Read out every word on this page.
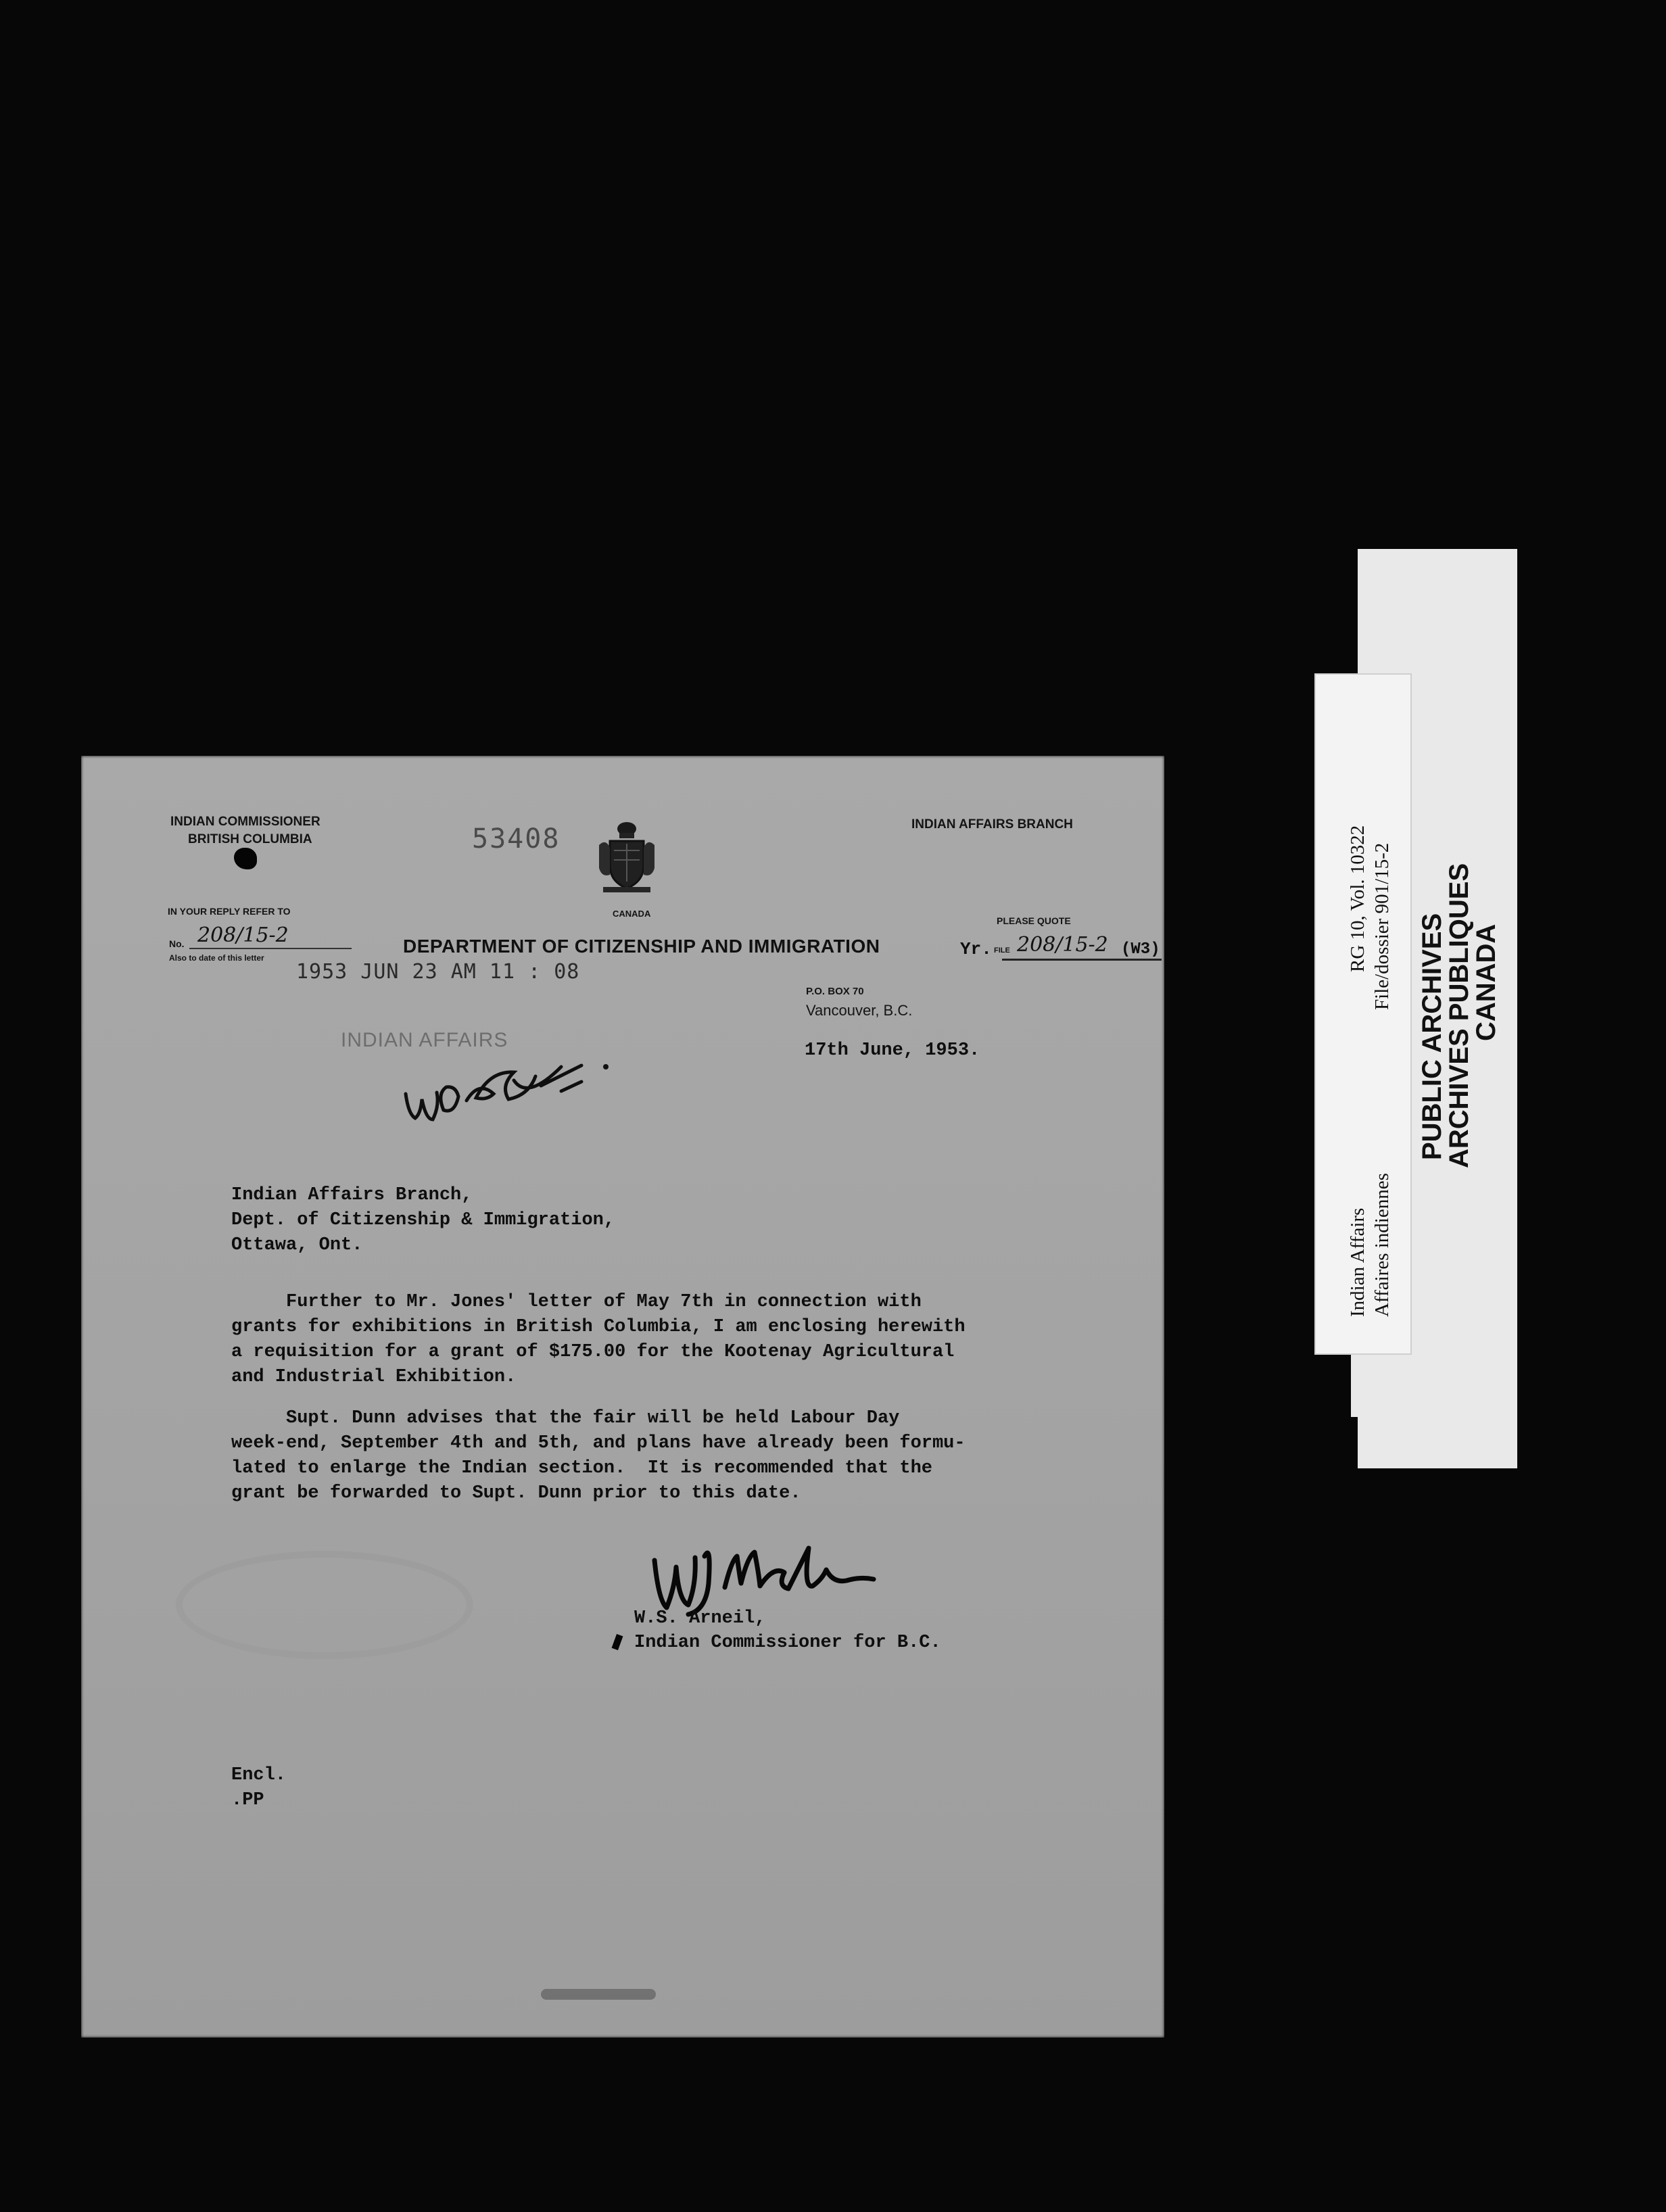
INDIAN COMMISSIONER
BRITISH COLUMBIA
IN YOUR REPLY REFER TO
No. 208/15-2
Also to date of this letter
53408
CANADA
INDIAN AFFAIRS BRANCH
DEPARTMENT OF CITIZENSHIP AND IMMIGRATION
PLEASE QUOTE
Yr. FILE 208/15-2 (W3)
1953 JUN 23 AM 11 : 08
P.O. BOX 70
Vancouver, B.C.
INDIAN AFFAIRS	17th June, 1953.
Indian Affairs Branch,
Dept. of Citizenship & Immigration,
Ottawa, Ont.
Further to Mr. Jones' letter of May 7th in connection with
grants for exhibitions in British Columbia, I am enclosing herewith
a requisition for a grant of $175.00 for the Kootenay Agricultural
and Industrial Exhibition.
Supt. Dunn advises that the fair will be held Labour Day
week-end, September 4th and 5th, and plans have already been formu-
lated to enlarge the Indian section.  It is recommended that the
grant be forwarded to Supt. Dunn prior to this date.
W.S. Arneil,
Indian Commissioner for B.C.
Encl.
.PP
RG 10, Vol. 10322 File/dossier 901/15-2
Indian Affairs Affaires indiennes
PUBLIC ARCHIVES
ARCHIVES PUBLIQUES
CANADA
